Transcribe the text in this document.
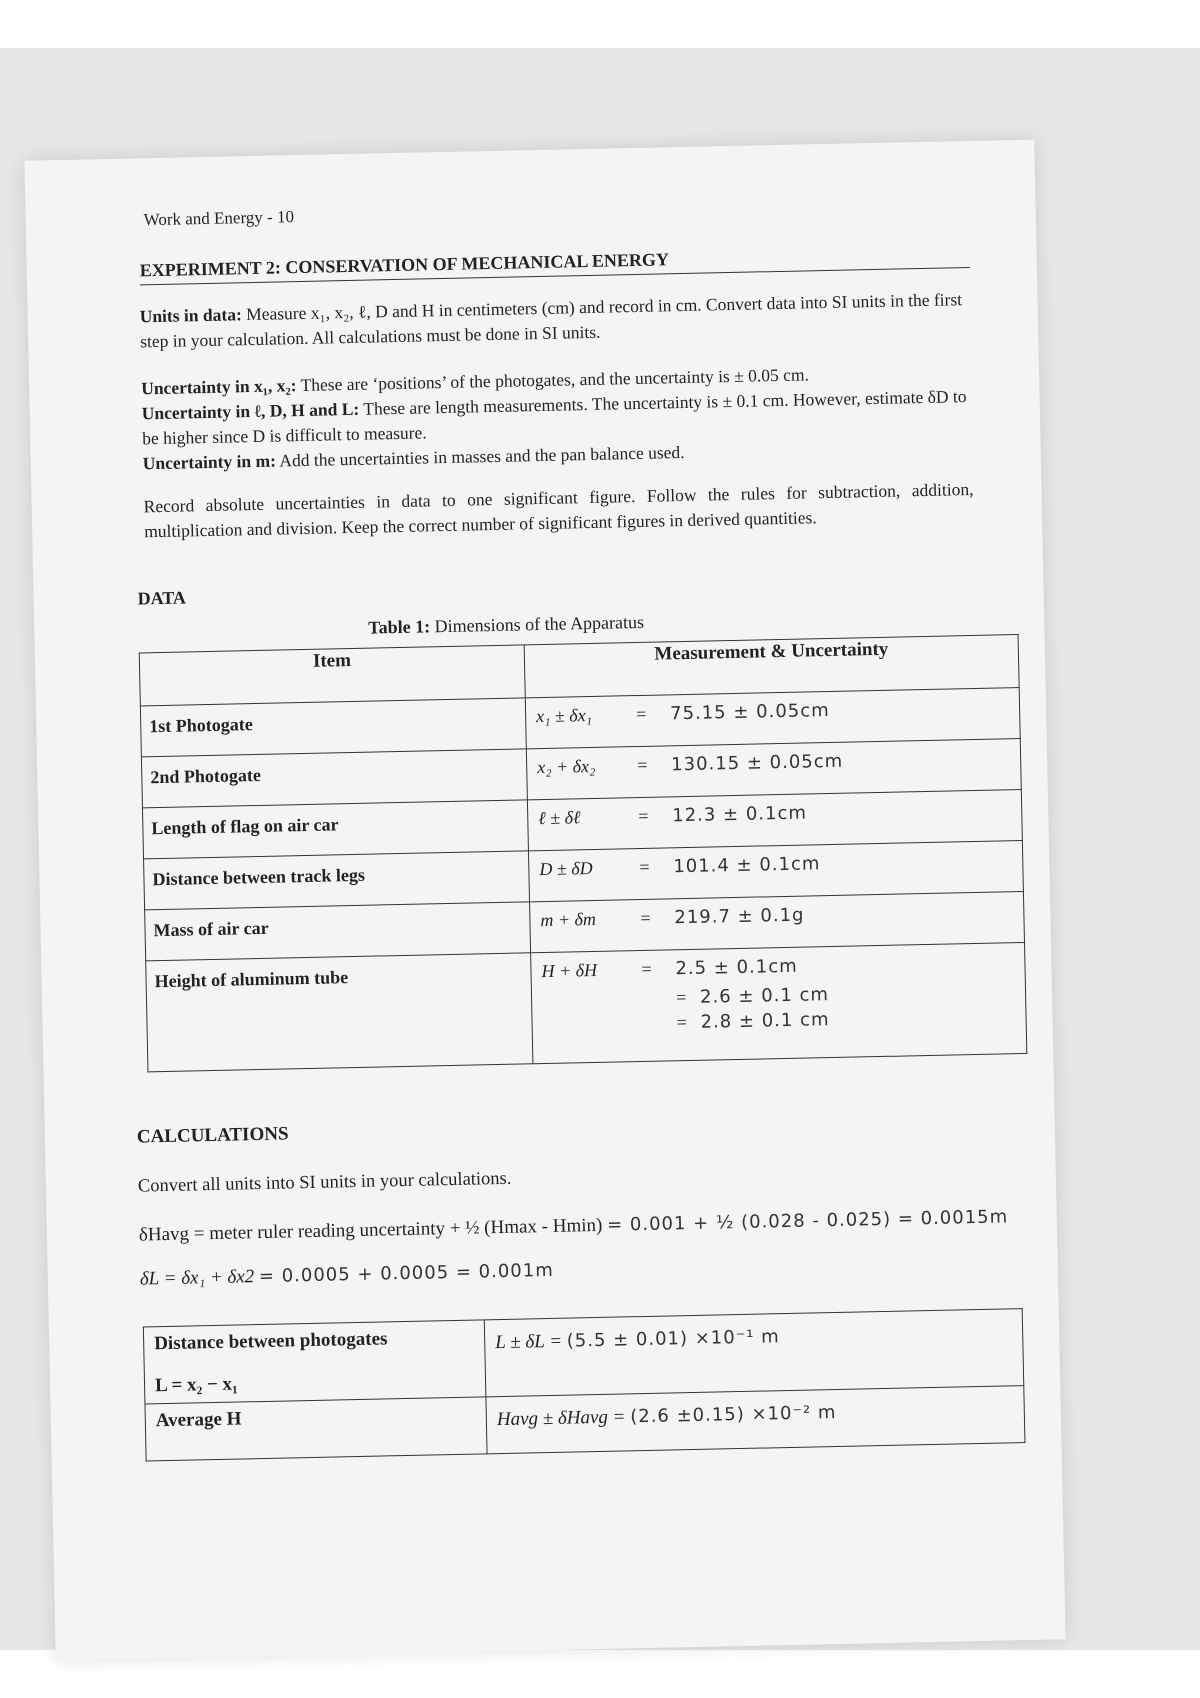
Work and Energy - 10
EXPERIMENT 2: CONSERVATION OF MECHANICAL ENERGY
Units in data: Measure x₁, x₂, ℓ, D and H in centimeters (cm) and record in cm. Convert data into SI units in the first step in your calculation. All calculations must be done in SI units.
Uncertainty in x₁, x₂: These are ‘positions’ of the photogates, and the uncertainty is ± 0.05 cm.
Uncertainty in ℓ, D, H and L: These are length measurements. The uncertainty is ± 0.1 cm. However, estimate δD to be higher since D is difficult to measure.
Uncertainty in m: Add the uncertainties in masses and the pan balance used.
Record absolute uncertainties in data to one significant figure. Follow the rules for subtraction, addition, multiplication and division. Keep the correct number of significant figures in derived quantities.
DATA
Table 1: Dimensions of the Apparatus
Item	Measurement & Uncertainty
1st Photogate	x₁ ± δx₁ = 75.15 ± 0.05cm
2nd Photogate	x₂ + δx₂ = 130.15 ± 0.05cm
Length of flag on air car	ℓ ± δℓ = 12.3 ± 0.1cm
Distance between track legs	D ± δD = 101.4 ± 0.1cm
Mass of air car	m + δm = 219.7 ± 0.1g
Height of aluminum tube	H + δH = 2.5 ± 0.1cm
= 2.6 ± 0.1 cm
= 2.8 ± 0.1 cm
CALCULATIONS
Convert all units into SI units in your calculations.
δHavg = meter ruler reading uncertainty + ½ (Hmax - Hmin) = 0.001 + ½ (0.028 - 0.025) = 0.0015m
δL = δx₁ + δx2 = 0.0005 + 0.0005 = 0.001m
Distance between photogates
L = x₂ − x₁	L ± δL = (5.5 ± 0.01) ×10⁻¹ m
Average H	Havg ± δHavg = (2.6 ±0.15) ×10⁻² m
